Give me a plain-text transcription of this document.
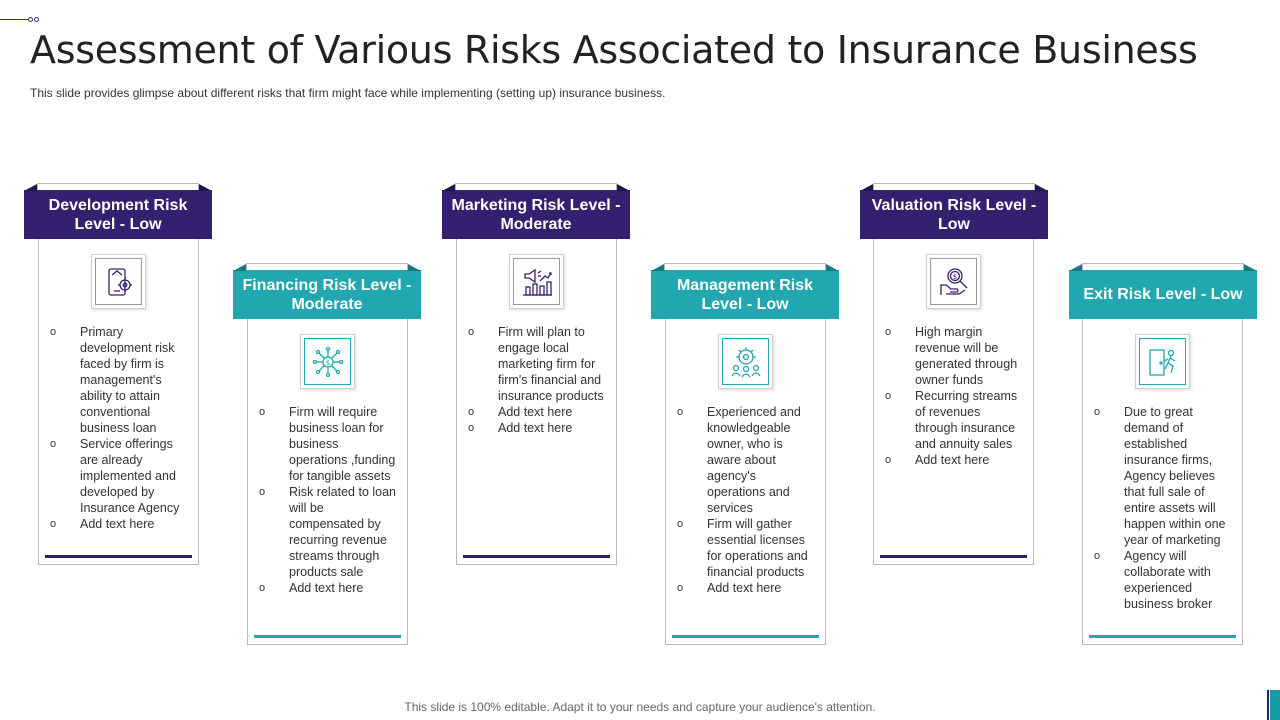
Assessment of Various Risks Associated to Insurance Business

This slide provides glimpse about different risks that firm might face while implementing (setting up) insurance business.

Development Risk Level - Low
o Primary development risk faced by firm is management's ability to attain conventional business loan
o Service offerings are already implemented and developed by Insurance Agency
o Add text here
Financing Risk Level - Moderate
$
o Firm will require business loan for business operations ,funding for tangible assets
o Risk related to loan will be compensated by recurring revenue streams through products sale
o Add text here
Marketing Risk Level - Moderate
o Firm will plan to engage local marketing firm for firm's financial and insurance products
o Add text here
o Add text here
Management Risk Level - Low
o Experienced and knowledgeable owner, who is aware about agency's operations and services
o Firm will gather essential licenses for operations and financial products
o Add text here
Valuation Risk Level - Low
$
o High margin revenue will be generated through owner funds
o Recurring streams of revenues through insurance and annuity sales
o Add text here
Exit Risk Level - Low
o Due to great demand of established insurance firms, Agency believes that full sale of entire assets will happen within one year of marketing
o Agency will collaborate with experienced business broker

This slide is 100% editable. Adapt it to your needs and capture your audience's attention.
